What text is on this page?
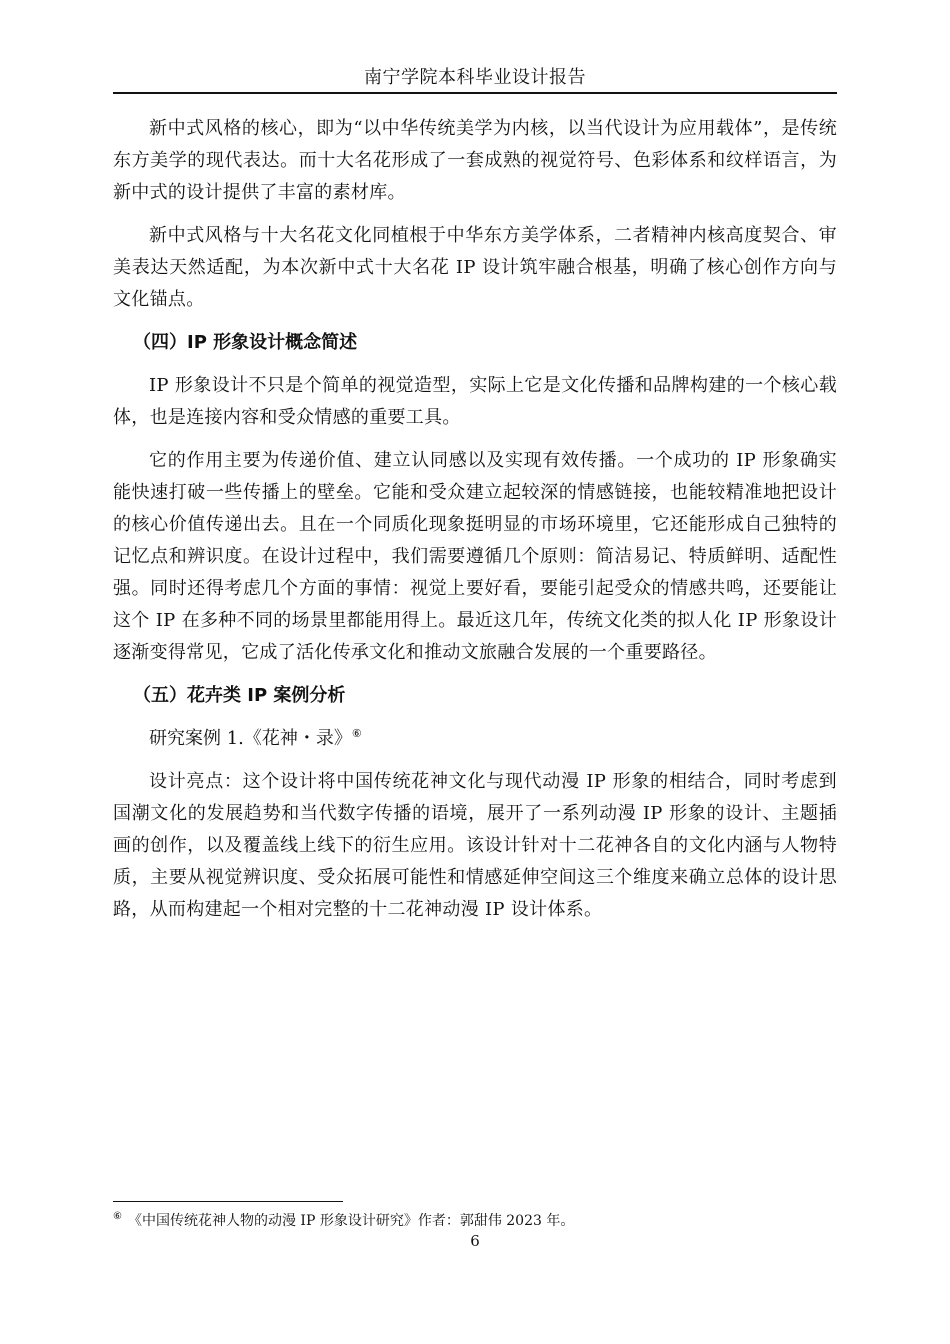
南宁学院本科毕业设计报告

新中式风格的核心，即为“以中华传统美学为内核，以当代设计为应用载体”，是传统东方美学的现代表达。而十大名花形成了一套成熟的视觉符号、色彩体系和纹样语言，为新中式的设计提供了丰富的素材库。

新中式风格与十大名花文化同植根于中华东方美学体系，二者精神内核高度契合、审美表达天然适配，为本次新中式十大名花 IP 设计筑牢融合根基，明确了核心创作方向与文化锚点。

（四）IP 形象设计概念简述

IP 形象设计不只是个简单的视觉造型，实际上它是文化传播和品牌构建的一个核心载体，也是连接内容和受众情感的重要工具。

它的作用主要为传递价值、建立认同感以及实现有效传播。一个成功的 IP 形象确实能快速打破一些传播上的壁垒。它能和受众建立起较深的情感链接，也能较精准地把设计的核心价值传递出去。且在一个同质化现象挺明显的市场环境里，它还能形成自己独特的记忆点和辨识度。在设计过程中，我们需要遵循几个原则：简洁易记、特质鲜明、适配性强。同时还得考虑几个方面的事情：视觉上要好看，要能引起受众的情感共鸣，还要能让这个 IP 在多种不同的场景里都能用得上。最近这几年，传统文化类的拟人化 IP 形象设计逐渐变得常见，它成了活化传承文化和推动文旅融合发展的一个重要路径。

（五）花卉类 IP 案例分析

研究案例 1.《花神・录》⑥

设计亮点：这个设计将中国传统花神文化与现代动漫 IP 形象的相结合，同时考虑到国潮文化的发展趋势和当代数字传播的语境，展开了一系列动漫 IP 形象的设计、主题插画的创作，以及覆盖线上线下的衍生应用。该设计针对十二花神各自的文化内涵与人物特质，主要从视觉辨识度、受众拓展可能性和情感延伸空间这三个维度来确立总体的设计思路，从而构建起一个相对完整的十二花神动漫 IP 设计体系。

⑥ 《中国传统花神人物的动漫 IP 形象设计研究》作者：郭甜伟 2023 年。
6
